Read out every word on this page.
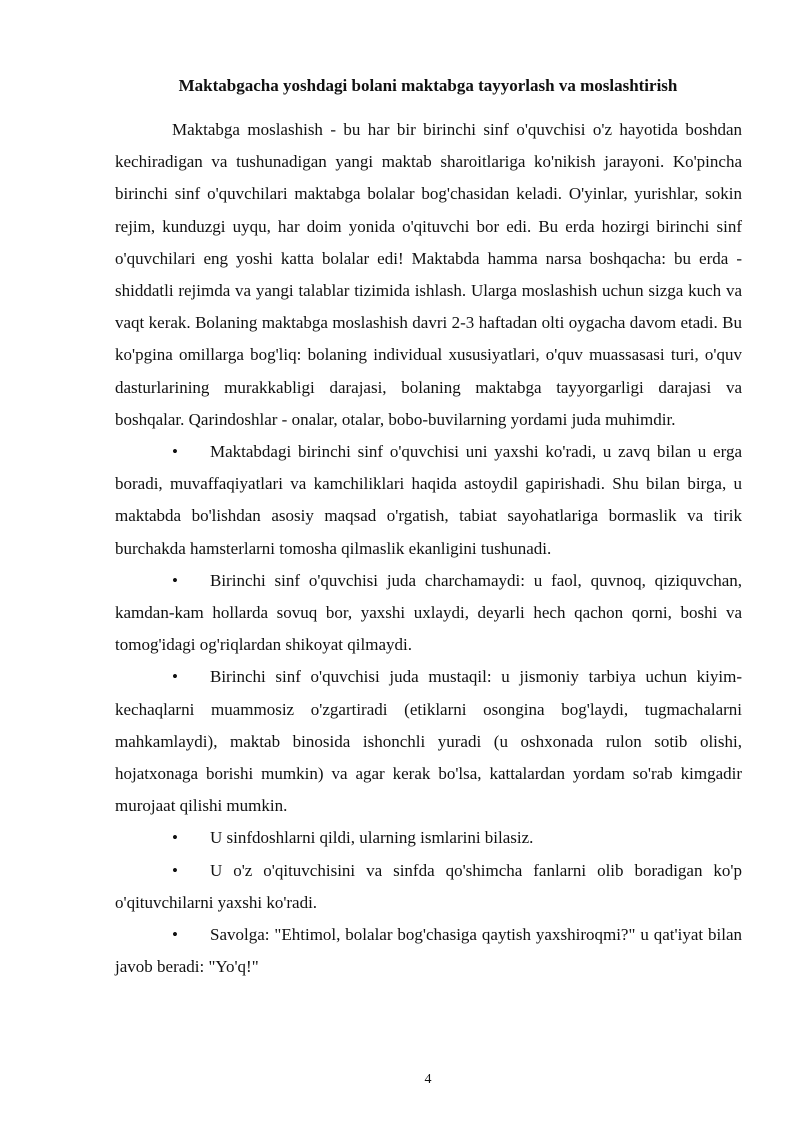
Maktabgacha yoshdagi bolani maktabga tayyorlash va moslashtirish

Maktabga moslashish - bu har bir birinchi sinf o'quvchisi o'z hayotida boshdan kechiradigan va tushunadigan yangi maktab sharoitlariga ko'nikish jarayoni. Ko'pincha birinchi sinf o'quvchilari maktabga bolalar bog'chasidan keladi. O'yinlar, yurishlar, sokin rejim, kunduzgi uyqu, har doim yonida o'qituvchi bor edi. Bu erda hozirgi birinchi sinf o'quvchilari eng yoshi katta bolalar edi! Maktabda hamma narsa boshqacha: bu erda - shiddatli rejimda va yangi talablar tizimida ishlash. Ularga moslashish uchun sizga kuch va vaqt kerak. Bolaning maktabga moslashish davri 2-3 haftadan olti oygacha davom etadi. Bu ko'pgina omillarga bog'liq: bolaning individual xususiyatlari, o'quv muassasasi turi, o'quv dasturlarining murakkabligi darajasi, bolaning maktabga tayyorgarligi darajasi va boshqalar. Qarindoshlar - onalar, otalar, bobo-buvilarning yordami juda muhimdir.

• Maktabdagi birinchi sinf o'quvchisi uni yaxshi ko'radi, u zavq bilan u erga boradi, muvaffaqiyatlari va kamchiliklari haqida astoydil gapirishadi. Shu bilan birga, u maktabda bo'lishdan asosiy maqsad o'rgatish, tabiat sayohatlariga bormaslik va tirik burchakda hamsterlarni tomosha qilmaslik ekanligini tushunadi.

• Birinchi sinf o'quvchisi juda charchamaydi: u faol, quvnoq, qiziquvchan, kamdan-kam hollarda sovuq bor, yaxshi uxlaydi, deyarli hech qachon qorni, boshi va tomog'idagi og'riqlardan shikoyat qilmaydi.

• Birinchi sinf o'quvchisi juda mustaqil: u jismoniy tarbiya uchun kiyim-kechaqlarni muammosiz o'zgartiradi (etiklarni osongina bog'laydi, tugmachalarni mahkamlaydi), maktab binosida ishonchli yuradi (u oshxonada rulon sotib olishi, hojatxonaga borishi mumkin) va agar kerak bo'lsa, kattalardan yordam so'rab kimgadir murojaat qilishi mumkin.

• U sinfdoshlarni qildi, ularning ismlarini bilasiz.

• U o'z o'qituvchisini va sinfda qo'shimcha fanlarni olib boradigan ko'p o'qituvchilarni yaxshi ko'radi.

• Savolga: "Ehtimol, bolalar bog'chasiga qaytish yaxshiroqmi?" u qat'iyat bilan javob beradi: "Yo'q!"

4
